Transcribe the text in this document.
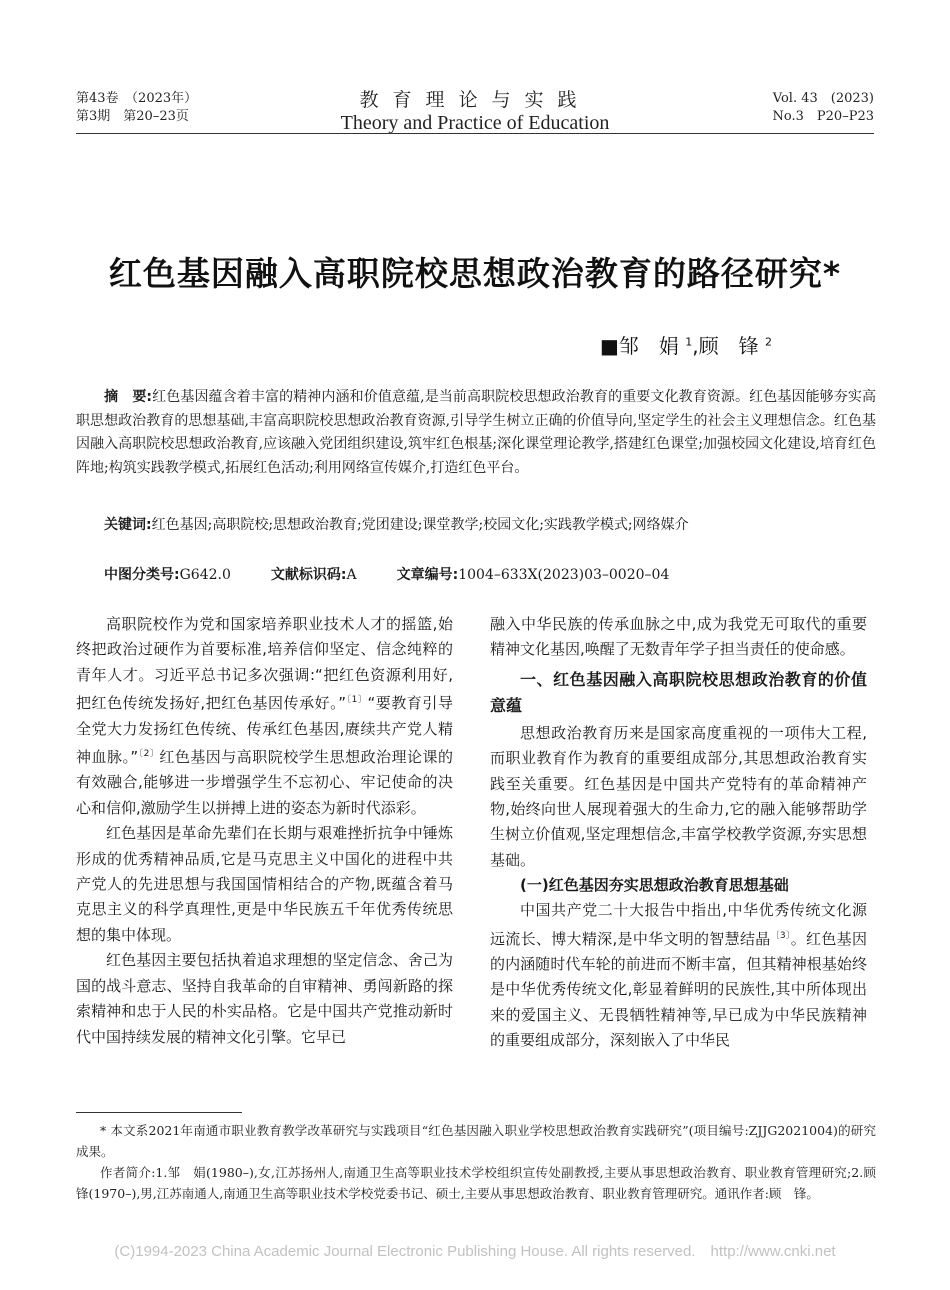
第43卷　（2023年）
第3期　第20–23页
教育理论与实践
Theory and Practice of Education
Vol. 43　(2023)
No.3　P20–P23
红色基因融入高职院校思想政治教育的路径研究*
■邹　娟 $^1$,顾　锋 $^2$
摘　要:红色基因蕴含着丰富的精神内涵和价值意蕴,是当前高职院校思想政治教育的重要文化教育资源。红色基因能够夯实高职思想政治教育的思想基础,丰富高职院校思想政治教育资源,引导学生树立正确的价值导向,坚定学生的社会主义理想信念。红色基因融入高职院校思想政治教育,应该融入党团组织建设,筑牢红色根基;深化课堂理论教学,搭建红色课堂;加强校园文化建设,培育红色阵地;构筑实践教学模式,拓展红色活动;利用网络宣传媒介,打造红色平台。
关键词:红色基因;高职院校;思想政治教育;党团建设;课堂教学;校园文化;实践教学模式;网络媒介
中图分类号:G642.0	文献标识码:A	文章编号:1004–633X(2023)03–0020–04

高职院校作为党和国家培养职业技术人才的摇篮,始终把政治过硬作为首要标准,培养信仰坚定、信念纯粹的青年人才。习近平总书记多次强调:“把红色资源利用好,把红色传统发扬好,把红色基因传承好。”$^{〔1〕}$“要教育引导全党大力发扬红色传统、传承红色基因,赓续共产党人精神血脉。”$^{〔2〕}$红色基因与高职院校学生思想政治理论课的有效融合,能够进一步增强学生不忘初心、牢记使命的决心和信仰,激励学生以拼搏上进的姿态为新时代添彩。

红色基因是革命先辈们在长期与艰难挫折抗争中锤炼形成的优秀精神品质,它是马克思主义中国化的进程中共产党人的先进思想与我国国情相结合的产物,既蕴含着马克思主义的科学真理性,更是中华民族五千年优秀传统思想的集中体现。

红色基因主要包括执着追求理想的坚定信念、舍己为国的战斗意志、坚持自我革命的自审精神、勇闯新路的探索精神和忠于人民的朴实品格。它是中国共产党推动新时代中国持续发展的精神文化引擎。它早已

融入中华民族的传承血脉之中,成为我党无可取代的重要精神文化基因,唤醒了无数青年学子担当责任的使命感。

一、红色基因融入高职院校思想政治教育的价值意蕴

思想政治教育历来是国家高度重视的一项伟大工程,而职业教育作为教育的重要组成部分,其思想政治教育实践至关重要。红色基因是中国共产党特有的革命精神产物,始终向世人展现着强大的生命力,它的融入能够帮助学生树立价值观,坚定理想信念,丰富学校教学资源,夯实思想基础。

(一)红色基因夯实思想政治教育思想基础

中国共产党二十大报告中指出,中华优秀传统文化源远流长、博大精深,是中华文明的智慧结晶$^{〔3〕}$。红色基因的内涵随时代车轮的前进而不断丰富，但其精神根基始终是中华优秀传统文化,彰显着鲜明的民族性,其中所体现出来的爱国主义、无畏牺牲精神等,早已成为中华民族精神的重要组成部分，深刻嵌入了中华民

* 本文系2021年南通市职业教育教学改革研究与实践项目“红色基因融入职业学校思想政治教育实践研究”(项目编号:ZJJG2021004)的研究成果。

作者简介:1.邹　娟(1980–),女,江苏扬州人,南通卫生高等职业技术学校组织宣传处副教授,主要从事思想政治教育、职业教育管理研究;2.顾　锋(1970–),男,江苏南通人,南通卫生高等职业技术学校党委书记、硕士,主要从事思想政治教育、职业教育管理研究。通讯作者:顾　锋。

(C)1994-2023 China Academic Journal Electronic Publishing House. All rights reserved.　http://www.cnki.net
